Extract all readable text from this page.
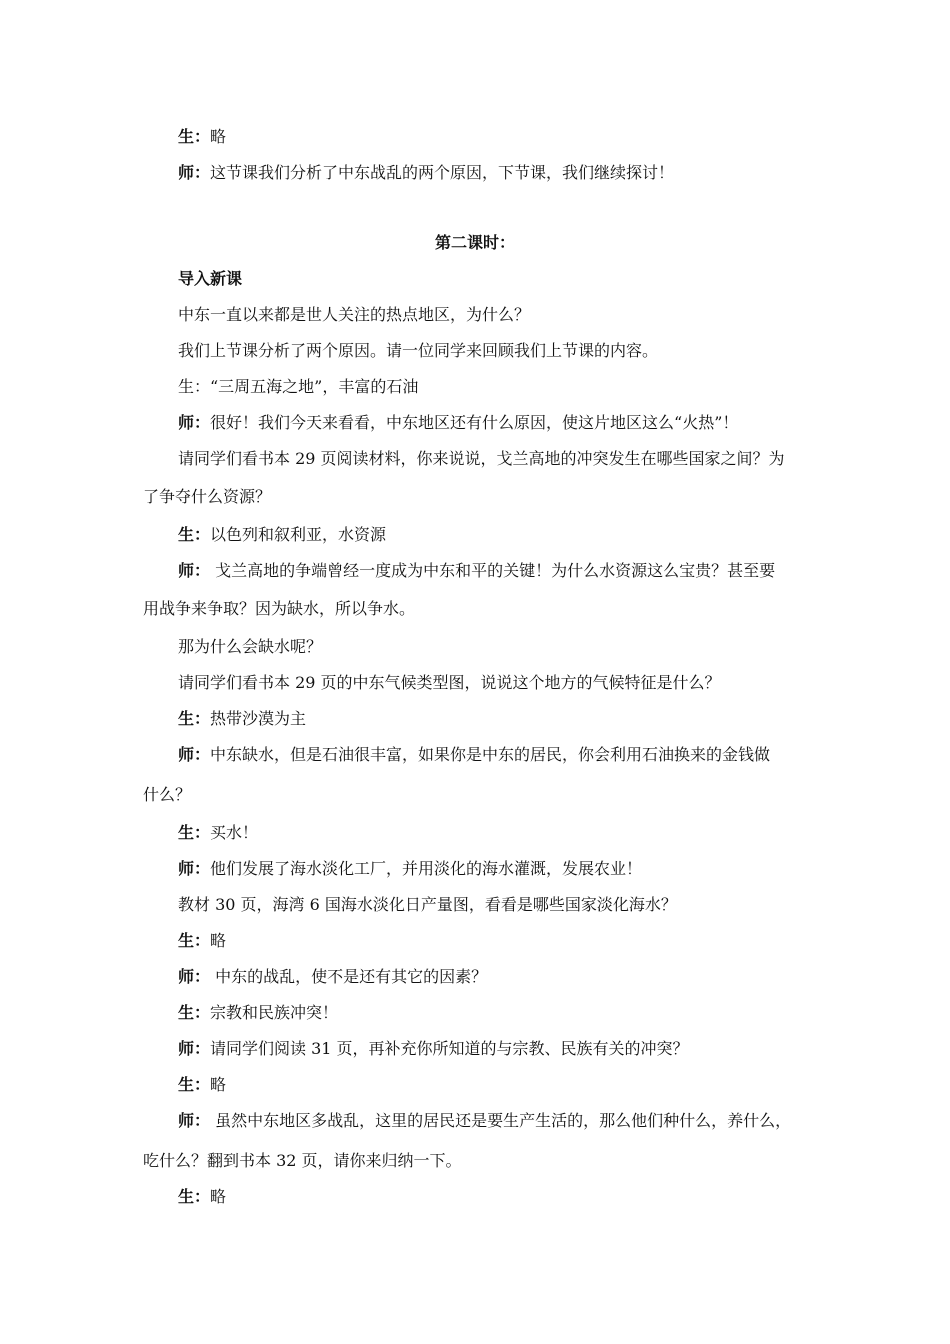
生：略
师：这节课我们分析了中东战乱的两个原因，下节课，我们继续探讨！
第二课时：
导入新课
中东一直以来都是世人关注的热点地区，为什么？
我们上节课分析了两个原因。请一位同学来回顾我们上节课的内容。
生：“三周五海之地”，丰富的石油
师：很好！我们今天来看看，中东地区还有什么原因，使这片地区这么“火热”！
请同学们看书本 29 页阅读材料，你来说说，戈兰高地的冲突发生在哪些国家之间？为
了争夺什么资源？
生：以色列和叙利亚，水资源
师： 戈兰高地的争端曾经一度成为中东和平的关键！为什么水资源这么宝贵？甚至要
用战争来争取？因为缺水，所以争水。
那为什么会缺水呢？
请同学们看书本 29 页的中东气候类型图，说说这个地方的气候特征是什么？
生：热带沙漠为主
师：中东缺水，但是石油很丰富，如果你是中东的居民，你会利用石油换来的金钱做
什么？
生：买水！
师：他们发展了海水淡化工厂，并用淡化的海水灌溉，发展农业！
教材 30 页，海湾 6 国海水淡化日产量图，看看是哪些国家淡化海水？
生：略
师： 中东的战乱，使不是还有其它的因素？
生：宗教和民族冲突！
师：请同学们阅读 31 页，再补充你所知道的与宗教、民族有关的冲突？
生：略
师： 虽然中东地区多战乱，这里的居民还是要生产生活的，那么他们种什么，养什么，
吃什么？翻到书本 32 页，请你来归纳一下。
生：略
